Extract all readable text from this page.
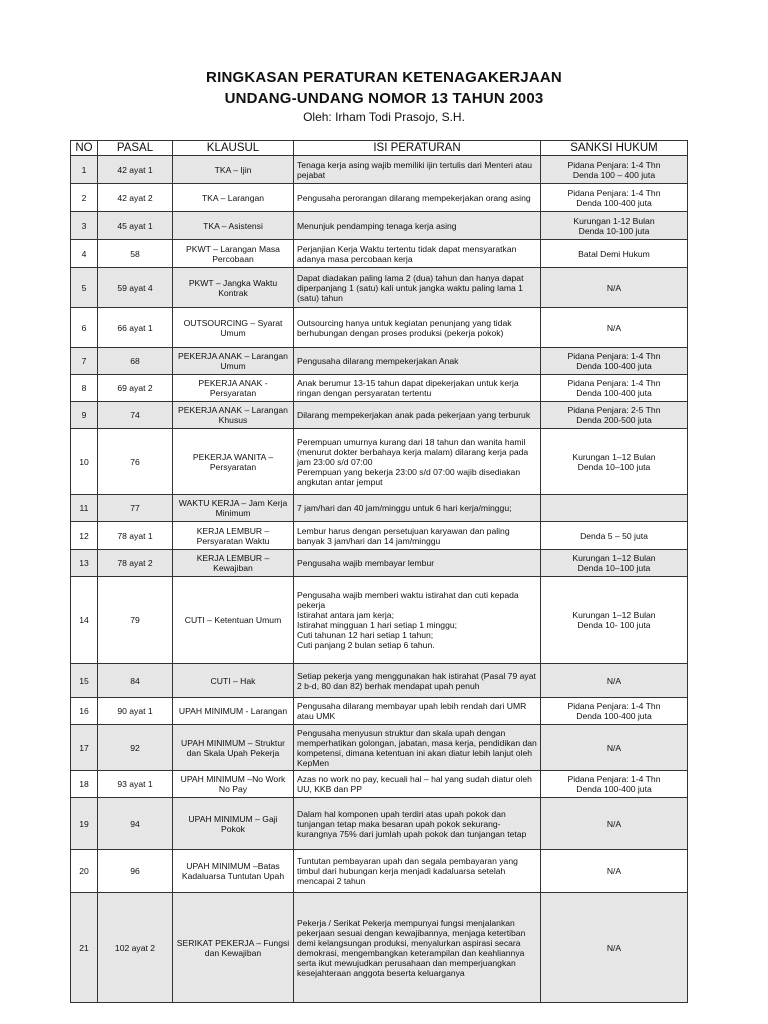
RINGKASAN PERATURAN KETENAGAKERJAAN
UNDANG-UNDANG NOMOR 13 TAHUN 2003
Oleh: Irham Todi Prasojo, S.H.
NO	PASAL	KLAUSUL	ISI PERATURAN	SANKSI HUKUM
1	42 ayat 1	TKA – Ijin	Tenaga kerja asing wajib memiliki ijin tertulis dari Menteri atau pejabat	Pidana Penjara: 1-4 Thn
Denda 100 – 400 juta
2	42 ayat 2	TKA – Larangan	Pengusaha perorangan dilarang mempekerjakan orang asing	Pidana Penjara: 1-4 Thn
Denda 100-400 juta
3	45 ayat 1	TKA – Asistensi	Menunjuk pendamping tenaga kerja asing	Kurungan 1-12 Bulan
Denda 10-100 juta
4	58	PKWT – Larangan Masa Percobaan	Perjanjian Kerja Waktu tertentu tidak dapat mensyaratkan adanya masa percobaan kerja	Batal Demi Hukum
5	59 ayat 4	PKWT – Jangka Waktu Kontrak	Dapat diadakan paling lama 2 (dua) tahun dan hanya dapat diperpanjang 1 (satu) kali untuk jangka waktu paling lama 1 (satu) tahun	N/A
6	66 ayat 1	OUTSOURCING – Syarat Umum	Outsourcing hanya untuk kegiatan penunjang yang tidak berhubungan dengan proses produksi (pekerja pokok)	N/A
7	68	PEKERJA ANAK – Larangan Umum	Pengusaha dilarang mempekerjakan Anak	Pidana Penjara: 1-4 Thn
Denda 100-400 juta
8	69 ayat 2	PEKERJA ANAK - Persyaratan	Anak berumur 13-15 tahun dapat dipekerjakan untuk kerja ringan dengan persyaratan tertentu	Pidana Penjara: 1-4 Thn
Denda 100-400 juta
9	74	PEKERJA ANAK – Larangan Khusus	Dilarang mempekerjakan anak pada pekerjaan yang terburuk	Pidana Penjara: 2-5 Thn
Denda 200-500 juta
10	76	PEKERJA WANITA – Persyaratan	Perempuan umurnya kurang dari 18 tahun dan wanita hamil (menurut dokter berbahaya kerja malam) dilarang kerja pada jam 23:00 s/d 07:00
Perempuan yang bekerja 23:00 s/d 07:00 wajib disediakan angkutan antar jemput	Kurungan 1–12 Bulan
Denda 10–100 juta
11	77	WAKTU KERJA – Jam Kerja Minimum	7 jam/hari dan 40 jam/minggu untuk 6 hari kerja/minggu;	
12	78 ayat 1	KERJA LEMBUR – Persyaratan Waktu	Lembur harus dengan persetujuan karyawan dan paling banyak 3 jam/hari dan 14 jam/minggu	Denda 5 – 50 juta
13	78 ayat 2	KERJA LEMBUR – Kewajiban	Pengusaha wajib membayar lembur	Kurungan 1–12 Bulan
Denda 10–100 juta
14	79	CUTI – Ketentuan Umum	Pengusaha wajib memberi waktu istirahat dan cuti kepada pekerja
Istirahat antara jam kerja;
Istirahat mingguan 1 hari setiap 1 minggu;
Cuti tahunan 12 hari setiap 1 tahun;
Cuti panjang 2 bulan setiap 6 tahun.	Kurungan 1–12 Bulan
Denda 10- 100 juta
15	84	CUTI – Hak	Setiap pekerja yang menggunakan hak istirahat (Pasal 79 ayat 2 b-d, 80 dan 82) berhak mendapat upah penuh	N/A
16	90 ayat 1	UPAH MINIMUM - Larangan	Pengusaha dilarang membayar upah lebih rendah dari UMR atau UMK	Pidana Penjara: 1-4 Thn
Denda 100-400 juta
17	92	UPAH MINIMUM – Struktur dan Skala Upah Pekerja	Pengusaha menyusun struktur dan skala upah dengan memperhatikan golongan, jabatan, masa kerja, pendidikan dan kompetensi, dimana ketentuan ini akan diatur lebih lanjut oleh KepMen	N/A
18	93 ayat 1	UPAH MINIMUM –No Work No Pay	Azas no work no pay, kecuali hal – hal yang sudah diatur oleh UU, KKB dan PP	Pidana Penjara: 1-4 Thn
Denda 100-400 juta
19	94	UPAH MINIMUM – Gaji Pokok	Dalam hal komponen upah terdiri atas upah pokok dan tunjangan tetap maka besaran upah pokok sekurang-kurangnya 75% dari jumlah upah pokok dan tunjangan tetap	N/A
20	96	UPAH MINIMUM –Batas Kadaluarsa Tuntutan Upah	Tuntutan pembayaran upah dan segala pembayaran yang timbul dari hubungan kerja menjadi kadaluarsa setelah mencapai 2 tahun	N/A
21	102 ayat 2	SERIKAT PEKERJA – Fungsi dan Kewajiban	Pekerja / Serikat Pekerja mempunyai fungsi menjalankan pekerjaan sesuai dengan kewajibannya, menjaga ketertiban demi kelangsungan produksi, menyalurkan aspirasi secara demokrasi, mengembangkan keterampilan dan keahliannya serta ikut mewujudkan perusahaan dan memperjuangkan kesejahteraan anggota beserta keluarganya	N/A
